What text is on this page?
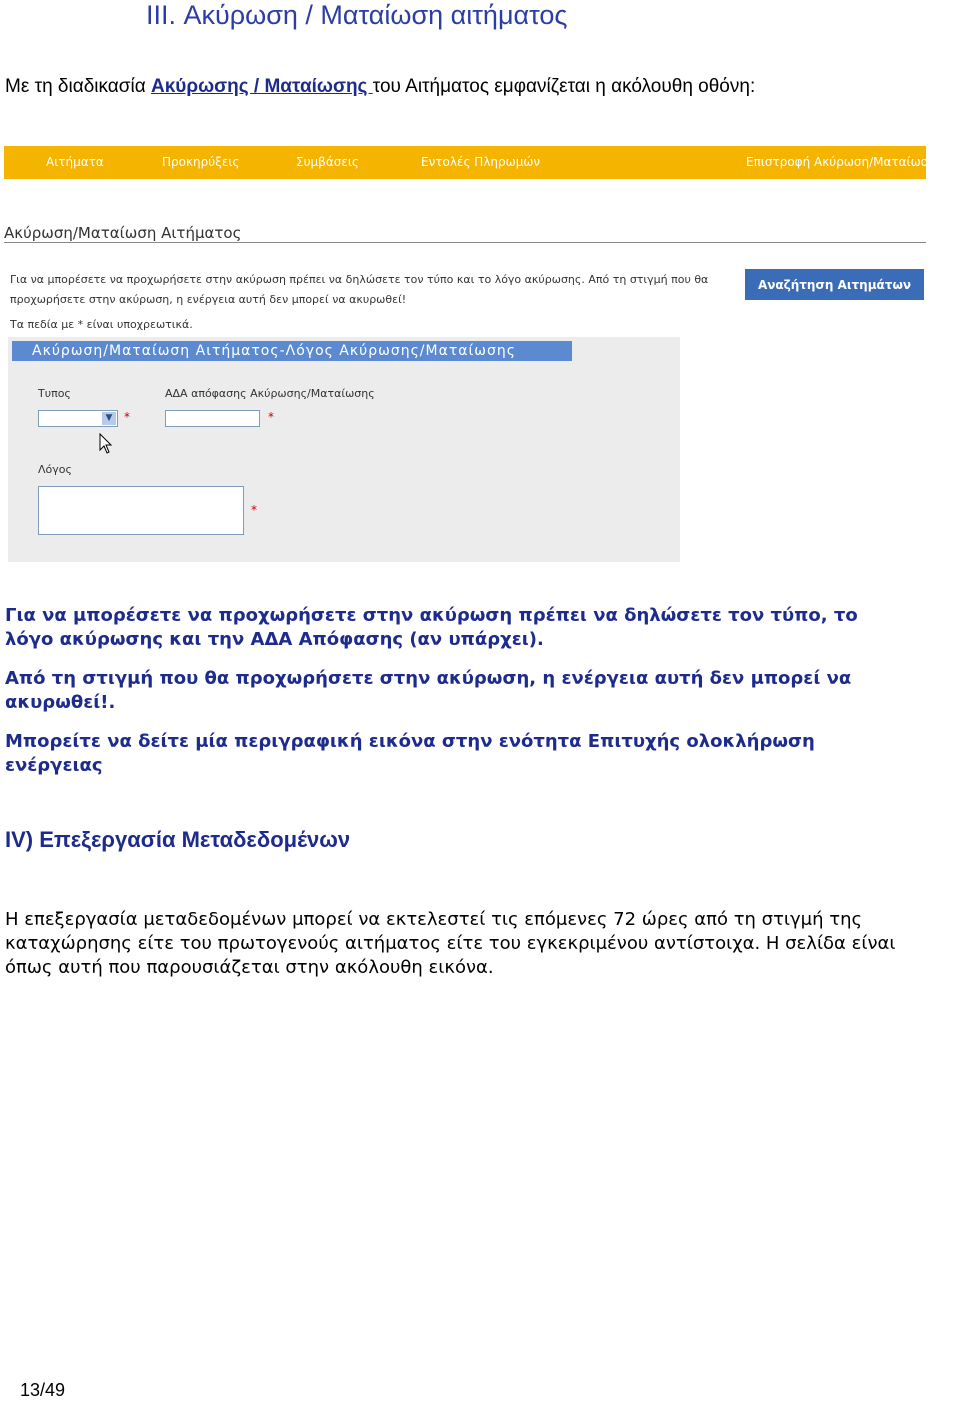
III. Ακύρωση / Ματαίωση αιτήματος
Με τη διαδικασία Ακύρωσης / Ματαίωσης του Αιτήματος εμφανίζεται η ακόλουθη οθόνη:
Αιτήματα	Προκηρύξεις	Συμβάσεις	Εντολές Πληρωμών	Επιστροφή Ακύρωση/Ματαίωση
Ακύρωση/Ματαίωση Αιτήματος
Για να μπορέσετε να προχωρήσετε στην ακύρωση πρέπει να δηλώσετε τον τύπο και το λόγο ακύρωσης. Από τη στιγμή που θα
προχωρήσετε στην ακύρωση, η ενέργεια αυτή δεν μπορεί να ακυρωθεί!
Τα πεδία με * είναι υποχρεωτικά.
Αναζήτηση Αιτημάτων
Ακύρωση/Ματαίωση Αιτήματος-Λόγος Ακύρωσης/Ματαίωσης
Τυπος	ΑΔΑ απόφασης Ακύρωσης/Ματαίωσης
▼ *	*
Λόγος
*
Για να μπορέσετε να προχωρήσετε στην ακύρωση πρέπει να δηλώσετε τον τύπο, το
λόγο ακύρωσης και την ΑΔΑ Απόφασης (αν υπάρχει).
Από τη στιγμή που θα προχωρήσετε στην ακύρωση, η ενέργεια αυτή δεν μπορεί να
ακυρωθεί!.
Μπορείτε να δείτε μία περιγραφική εικόνα στην ενότητα Επιτυχής ολοκλήρωση
ενέργειας
IV) Επεξεργασία Μεταδεδομένων
Η επεξεργασία μεταδεδομένων μπορεί να εκτελεστεί τις επόμενες 72 ώρες από τη στιγμή της
καταχώρησης είτε του πρωτογενούς αιτήματος είτε του εγκεκριμένου αντίστοιχα. Η σελίδα είναι
όπως αυτή που παρουσιάζεται στην ακόλουθη εικόνα.
13/49
